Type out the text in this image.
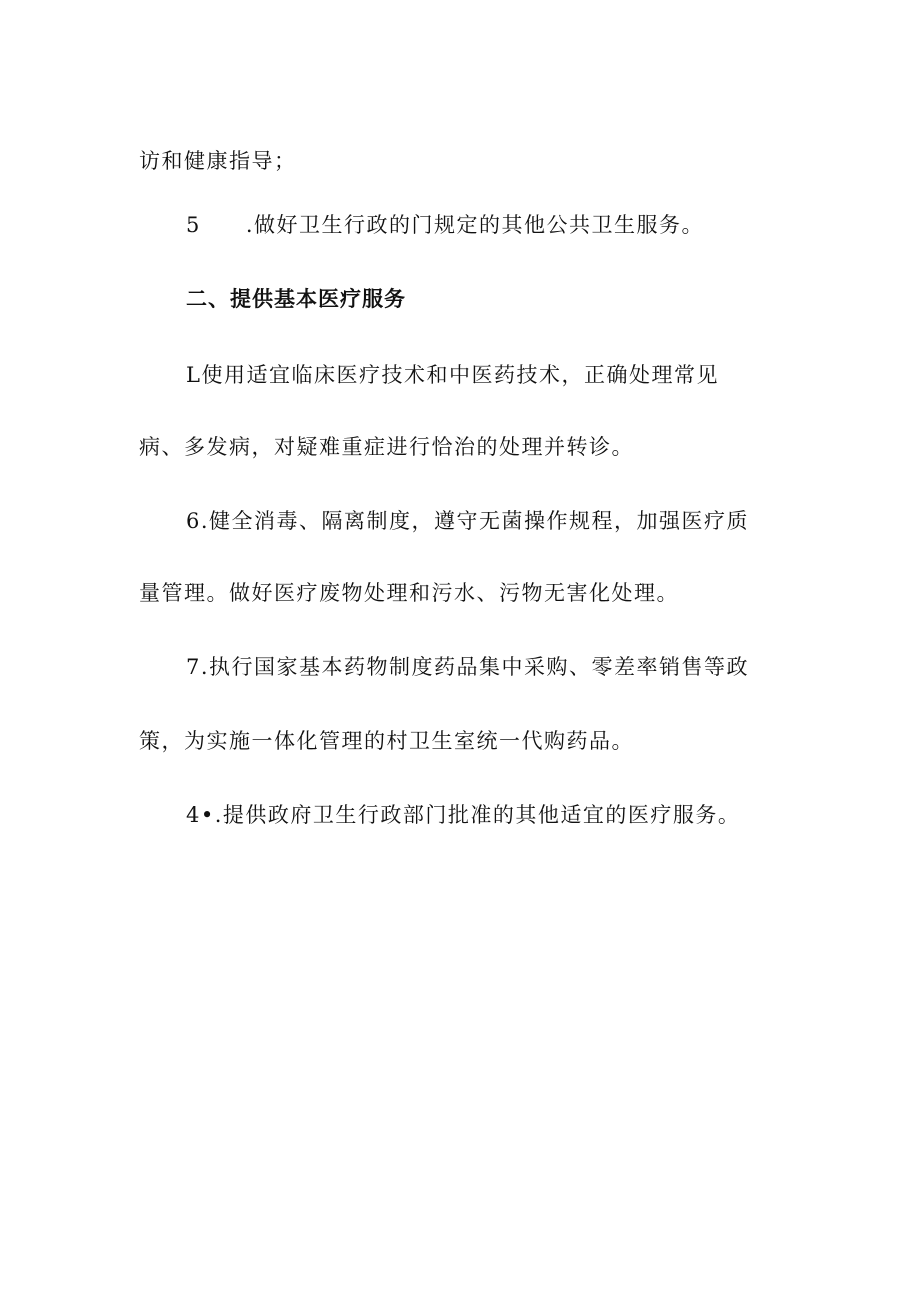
访和健康指导；

5　　.做好卫生行政的门规定的其他公共卫生服务。

二、提供基本医疗服务

L使用适宜临床医疗技术和中医药技术，正确处理常见

病、多发病，对疑难重症进行恰治的处理并转诊。

6.健全消毒、隔离制度，遵守无菌操作规程，加强医疗质

量管理。做好医疗废物处理和污水、污物无害化处理。

7.执行国家基本药物制度药品集中采购、零差率销售等政

策，为实施一体化管理的村卫生室统一代购药品。

4•.提供政府卫生行政部门批准的其他适宜的医疗服务。
